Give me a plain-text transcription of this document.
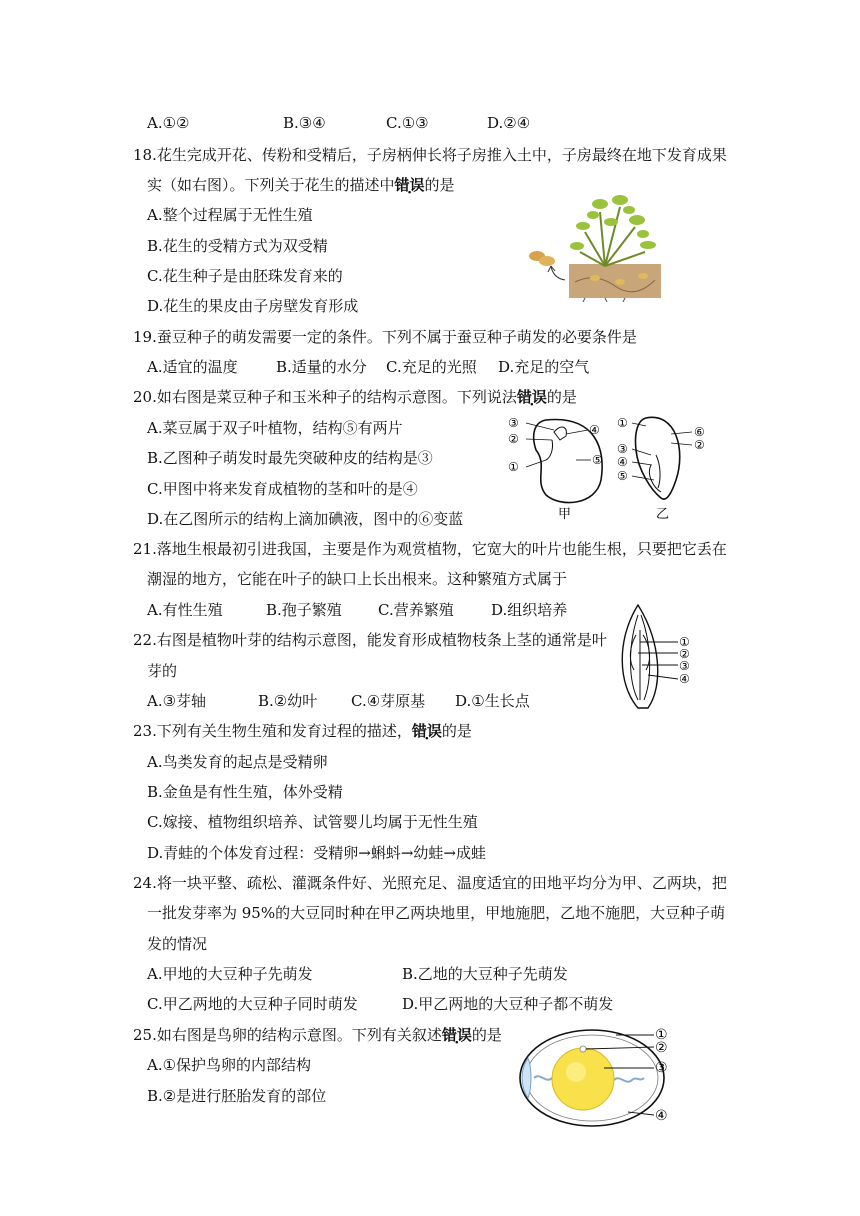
A.①②	B.③④	C.①③	D.②④
18.花生完成开花、传粉和受精后，子房柄伸长将子房推入土中，子房最终在地下发育成果
实（如右图）。下列关于花生的描述中错误的是
A.整个过程属于无性生殖
B.花生的受精方式为双受精
C.花生种子是由胚珠发育来的
D.花生的果皮由子房壁发育形成
19.蚕豆种子的萌发需要一定的条件。下列不属于蚕豆种子萌发的必要条件是
A.适宜的温度	B.适量的水分 C.充足的光照 D.充足的空气
20.如右图是菜豆种子和玉米种子的结构示意图。下列说法错误的是
A.菜豆属于双子叶植物，结构⑤有两片
B.乙图种子萌发时最先突破种皮的结构是③
C.甲图中将来发育成植物的茎和叶的是④
D.在乙图所示的结构上滴加碘液，图中的⑥变蓝
③	④
②
①	⑤
甲
①
⑥
②
③
④
⑤
乙
21.落地生根最初引进我国，主要是作为观赏植物，它宽大的叶片也能生根，只要把它丢在
潮湿的地方，它能在叶子的缺口上长出根来。这种繁殖方式属于
A.有性生殖	B.孢子繁殖 C.营养繁殖 D.组织培养
22.右图是植物叶芽的结构示意图，能发育形成植物枝条上茎的通常是叶
芽的
A.③芽轴	B.②幼叶 C.④芽原基 D.①生长点
①
②
③
④
23.下列有关生物生殖和发育过程的描述，错误的是
A.鸟类发育的起点是受精卵
B.金鱼是有性生殖，体外受精
C.嫁接、植物组织培养、试管婴儿均属于无性生殖
D.青蛙的个体发育过程：受精卵→蝌蚪→幼蛙→成蛙
24.将一块平整、疏松、灌溉条件好、光照充足、温度适宜的田地平均分为甲、乙两块，把
一批发芽率为 95%的大豆同时种在甲乙两块地里，甲地施肥，乙地不施肥，大豆种子萌
发的情况
A.甲地的大豆种子先萌发	B.乙地的大豆种子先萌发
C.甲乙两地的大豆种子同时萌发	D.甲乙两地的大豆种子都不萌发
25.如右图是鸟卵的结构示意图。下列有关叙述错误的是
A.①保护鸟卵的内部结构
B.②是进行胚胎发育的部位
①
②
③
④
